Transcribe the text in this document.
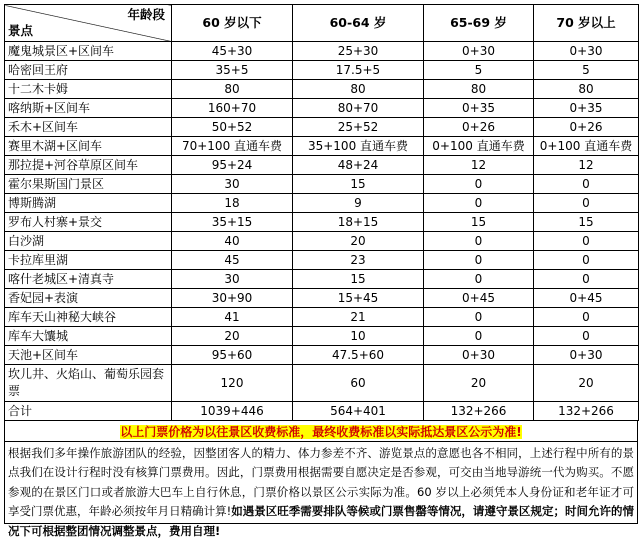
年龄段
景点	60 岁以下	60-64 岁	65-69 岁	70 岁以上
魔鬼城景区+区间车	45+30	25+30	0+30	0+30
哈密回王府	35+5	17.5+5	5	5
十二木卡姆	80	80	80	80
喀纳斯+区间车	160+70	80+70	0+35	0+35
禾木+区间车	50+52	25+52	0+26	0+26
赛里木湖+区间车	70+100 直通车费	35+100 直通车费	0+100 直通车费	0+100 直通车费
那拉提+河谷草原区间车	95+24	48+24	12	12
霍尔果斯国门景区	30	15	0	0
博斯腾湖	18	9	0	0
罗布人村寨+景交	35+15	18+15	15	15
白沙湖	40	20	0	0
卡拉库里湖	45	23	0	0
喀什老城区+清真寺	30	15	0	0
香妃园+表演	30+90	15+45	0+45	0+45
库车天山神秘大峡谷	41	21	0	0
库车大馕城	20	10	0	0
天池+区间车	95+60	47.5+60	0+30	0+30
坎儿井、火焰山、葡萄乐园套票	120	60	20	20
合计	1039+446	564+401	132+266	132+266
以上门票价格为以往景区收费标准，最终收费标准以实际抵达景区公示为准!
根据我们多年操作旅游团队的经验，因整团客人的精力、体力参差不齐、游览景点的意愿也各不相同，上述行程中所有的景点我们在设计行程时没有核算门票费用。因此，门票费用根据需要自愿决定是否参观，可交由当地导游统一代为购买。不愿参观的在景区门口或者旅游大巴车上自行休息，门票价格以景区公示实际为准。60 岁以上必须凭本人身份证和老年证才可享受门票优惠，年龄必须按年月日精确计算!如遇景区旺季需要排队等候或门票售罄等情况，请遵守景区规定；时间允许的情况下可根据整团情况调整景点，费用自理!
